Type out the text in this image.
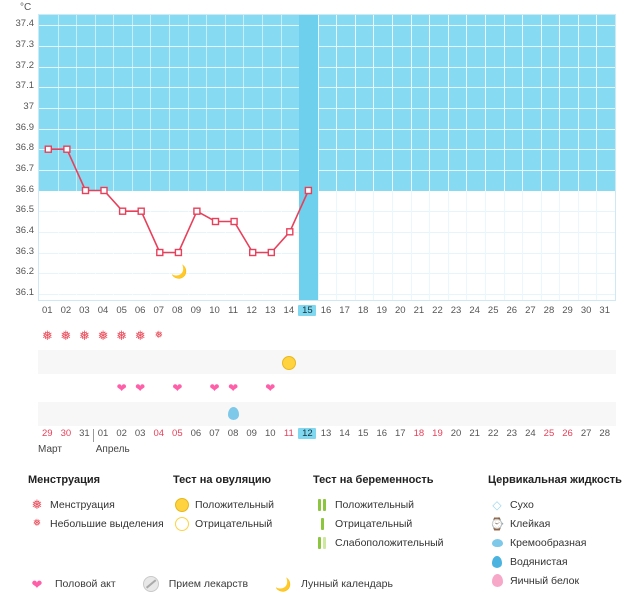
°C
🌙
37.4
37.3
37.2
37.1
37
36.9
36.8
36.7
36.6
36.5
36.4
36.3
36.2
36.1
01 02 03 04 05 06 07 08 09 10 11 12 13 14 15 16 17 18 19 20 21 22 23 24 25 26 27 28 29 30 31
❅ ❅ ❅ ❅ ❅ ❅ ❅
❤ ❤	❤	❤ ❤	❤
29 30 31 01 02 03 04 05 06 07 08 09 10 11 12 13 14 15 16 17 18 19 20 21 22 23 24 25 26 27 28
Март	Апрель
Менструация
❅ Менструация
❅ Небольшие выделения
Тест на овуляцию
Положительный
Отрицательный
Тест на беременность
Положительный
Отрицательный
Слабоположительный
Цервикальная жидкость
◇ Сухо
⌚ Клейкая
Кремообразная
Водянистая
Яичный белок
❤ Половой акт	Прием лекарств 🌙 Лунный календарь
